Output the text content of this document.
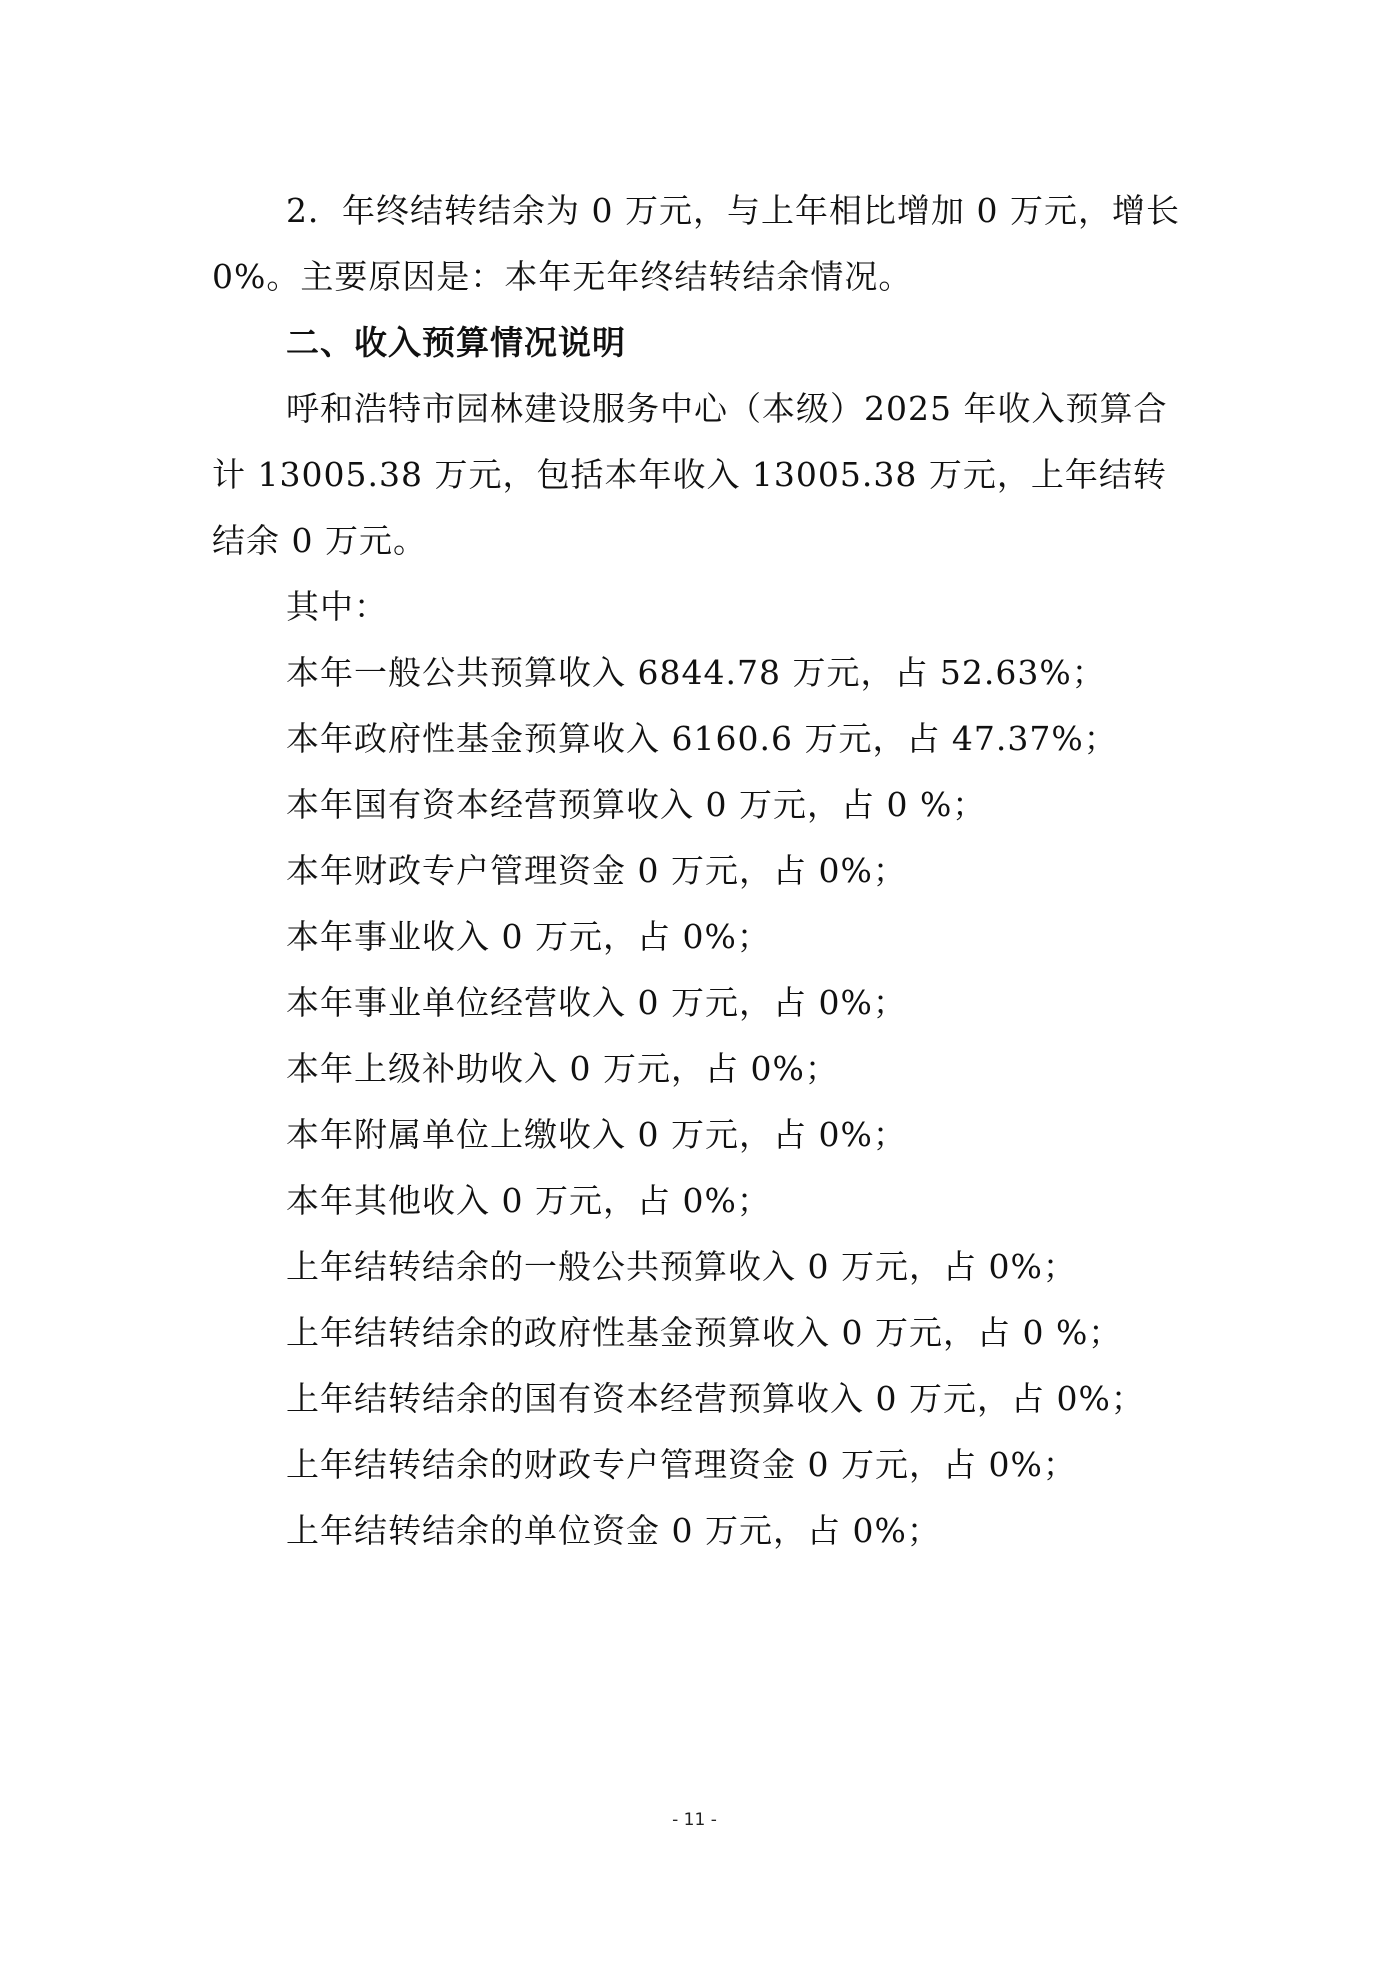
2．年终结转结余为 0 万元，与上年相比增加 0 万元，增长 0%。主要原因是：本年无年终结转结余情况。

二、收入预算情况说明

呼和浩特市园林建设服务中心（本级）2025 年收入预算合计 13005.38 万元，包括本年收入 13005.38 万元，上年结转结余 0 万元。

其中：

本年一般公共预算收入 6844.78 万元，占 52.63%；

本年政府性基金预算收入 6160.6 万元，占 47.37%；

本年国有资本经营预算收入 0 万元，占 0 %；

本年财政专户管理资金 0 万元，占 0%；

本年事业收入 0 万元，占 0%；

本年事业单位经营收入 0 万元，占 0%；

本年上级补助收入 0 万元，占 0%；

本年附属单位上缴收入 0 万元，占 0%；

本年其他收入 0 万元，占 0%；

上年结转结余的一般公共预算收入 0 万元，占 0%；

上年结转结余的政府性基金预算收入 0 万元，占 0 %；

上年结转结余的国有资本经营预算收入 0 万元，占 0%；

上年结转结余的财政专户管理资金 0 万元，占 0%；

上年结转结余的单位资金 0 万元，占 0%；

- 11 -
